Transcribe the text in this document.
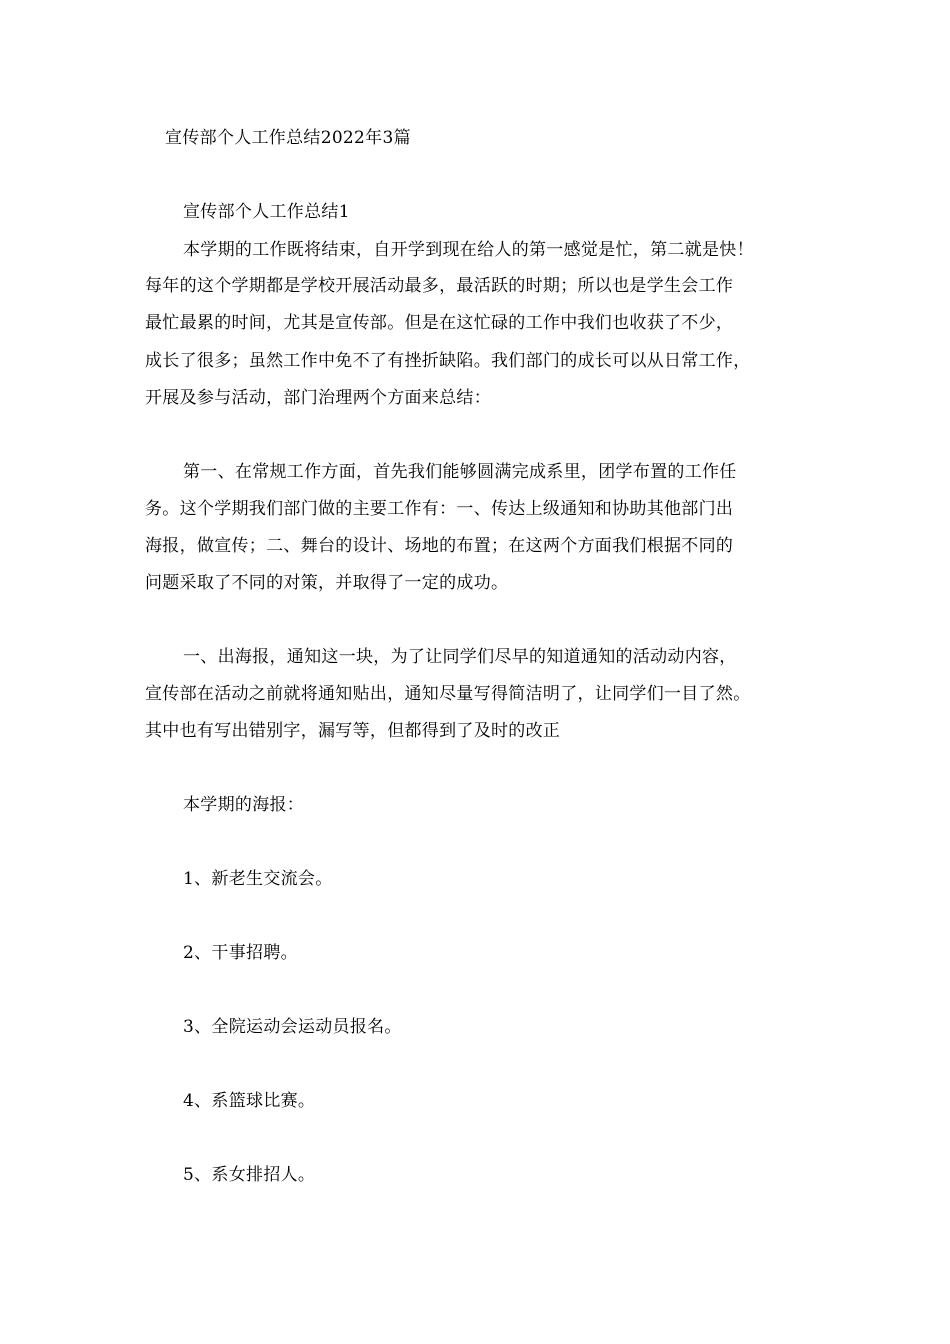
宣传部个人工作总结2022年3篇
宣传部个人工作总结1
本学期的工作既将结束，自开学到现在给人的第一感觉是忙，第二就是快！
每年的这个学期都是学校开展活动最多，最活跃的时期；所以也是学生会工作
最忙最累的时间，尤其是宣传部。但是在这忙碌的工作中我们也收获了不少，
成长了很多；虽然工作中免不了有挫折缺陷。我们部门的成长可以从日常工作，
开展及参与活动，部门治理两个方面来总结：
第一、在常规工作方面，首先我们能够圆满完成系里，团学布置的工作任
务。这个学期我们部门做的主要工作有：一、传达上级通知和协助其他部门出
海报，做宣传；二、舞台的设计、场地的布置；在这两个方面我们根据不同的
问题采取了不同的对策，并取得了一定的成功。
一、出海报，通知这一块，为了让同学们尽早的知道通知的活动动内容，
宣传部在活动之前就将通知贴出，通知尽量写得简洁明了，让同学们一目了然。
其中也有写出错别字，漏写等，但都得到了及时的改正
本学期的海报：
1、新老生交流会。
2、干事招聘。
3、全院运动会运动员报名。
4、系篮球比赛。
5、系女排招人。
